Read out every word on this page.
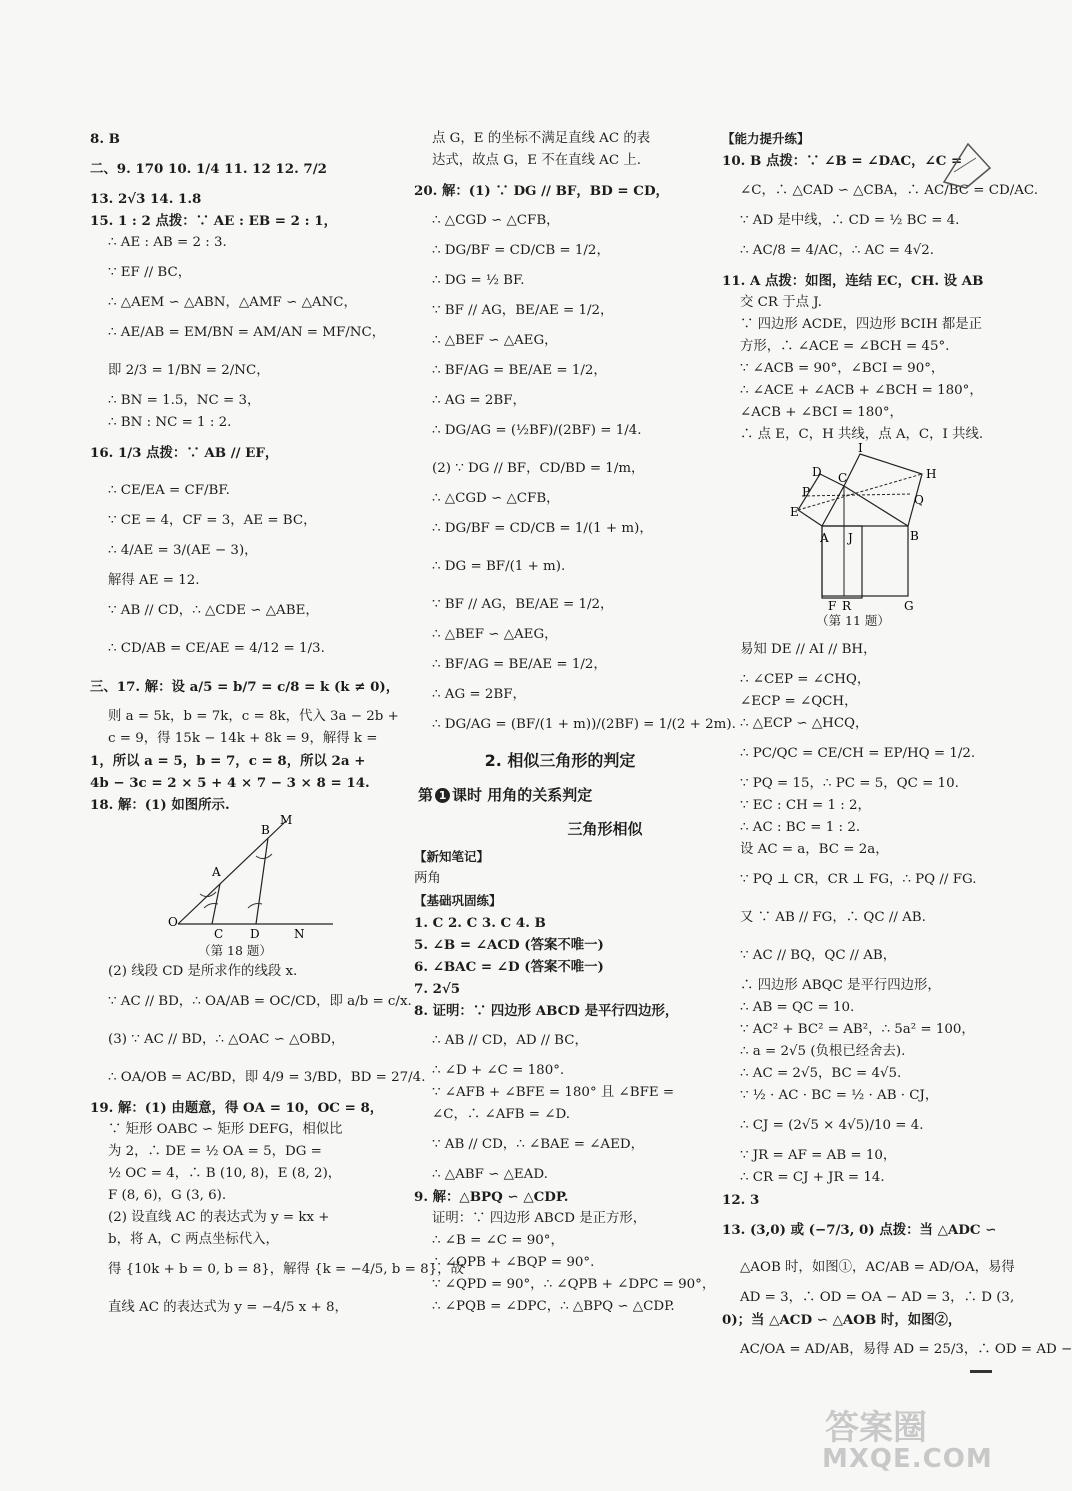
8. B
二、9. 170 10. 1/4 11. 12 12. 7/2
13. 2√3 14. 1.8
15. 1 : 2 点拨：∵ AE : EB = 2 : 1，
∴ AE : AB = 2 : 3.
∵ EF // BC，
∴ △AEM ∽ △ABN，△AMF ∽ △ANC，
∴ AE/AB = EM/BN = AM/AN = MF/NC，
即 2/3 = 1/BN = 2/NC，
∴ BN = 1.5，NC = 3，
∴ BN : NC = 1 : 2.
16. 1/3 点拨：∵ AB // EF，
∴ CE/EA = CF/BF.
∵ CE = 4，CF = 3，AE = BC，
∴ 4/AE = 3/(AE − 3)，
解得 AE = 12.
∵ AB // CD，∴ △CDE ∽ △ABE，
∴ CD/AB = CE/AE = 4/12 = 1/3.
三、17. 解：设 a/5 = b/7 = c/8 = k (k ≠ 0)，
则 a = 5k，b = 7k，c = 8k，代入 3a − 2b +
c = 9，得 15k − 14k + 8k = 9，解得 k =
1，所以 a = 5，b = 7，c = 8，所以 2a +
4b − 3c = 2 × 5 + 4 × 7 − 3 × 8 = 14.
18. 解：(1) 如图所示.
O
A
B
M
C D	N
（第 18 题）
(2) 线段 CD 是所求作的线段 x.
∵ AC // BD，∴ OA/AB = OC/CD，即 a/b = c/x.
(3) ∵ AC // BD，∴ △OAC ∽ △OBD，
∴ OA/OB = AC/BD，即 4/9 = 3/BD，BD = 27/4.
19. 解：(1) 由题意，得 OA = 10，OC = 8，
∵ 矩形 OABC ∽ 矩形 DEFG，相似比
为 2，∴ DE = ½ OA = 5，DG =
½ OC = 4，∴ B (10, 8)，E (8, 2)，
F (8, 6)，G (3, 6).
(2) 设直线 AC 的表达式为 y = kx +
b，将 A，C 两点坐标代入，
得 {10k + b = 0, b = 8}，解得 {k = −4/5, b = 8}，故
直线 AC 的表达式为 y = −4/5 x + 8，
点 G，E 的坐标不满足直线 AC 的表
达式，故点 G，E 不在直线 AC 上.
20. 解：(1) ∵ DG // BF，BD = CD，
∴ △CGD ∽ △CFB，
∴ DG/BF = CD/CB = 1/2，
∴ DG = ½ BF.
∵ BF // AG，BE/AE = 1/2，
∴ △BEF ∽ △AEG，
∴ BF/AG = BE/AE = 1/2，
∴ AG = 2BF，
∴ DG/AG = (½BF)/(2BF) = 1/4.
(2) ∵ DG // BF，CD/BD = 1/m，
∴ △CGD ∽ △CFB，
∴ DG/BF = CD/CB = 1/(1 + m)，
∴ DG = BF/(1 + m).
∵ BF // AG，BE/AE = 1/2，
∴ △BEF ∽ △AEG，
∴ BF/AG = BE/AE = 1/2，
∴ AG = 2BF，
∴ DG/AG = (BF/(1 + m))/(2BF) = 1/(2 + 2m).
2. 相似三角形的判定
第 1 课时 用角的关系判定
三角形相似
【新知笔记】
两角
【基础巩固练】
1. C 2. C 3. C 4. B
5. ∠B = ∠ACD (答案不唯一)
6. ∠BAC = ∠D (答案不唯一)
7. 2√5
8. 证明：∵ 四边形 ABCD 是平行四边形，
∴ AB // CD，AD // BC，
∴ ∠D + ∠C = 180°.
∵ ∠AFB + ∠BFE = 180° 且 ∠BFE =
∠C，∴ ∠AFB = ∠D.
∵ AB // CD，∴ ∠BAE = ∠AED，
∴ △ABF ∽ △EAD.
9. 解：△BPQ ∽ △CDP.
证明：∵ 四边形 ABCD 是正方形，
∴ ∠B = ∠C = 90°，
∴ ∠QPB + ∠BQP = 90°.
∵ ∠QPD = 90°，∴ ∠QPB + ∠DPC = 90°，
∴ ∠PQB = ∠DPC，∴ △BPQ ∽ △CDP.
【能力提升练】
10. B 点拨：∵ ∠B = ∠DAC，∠C =
∠C，∴ △CAD ∽ △CBA，∴ AC/BC = CD/AC.
∵ AD 是中线，∴ CD = ½ BC = 4.
∴ AC/8 = 4/AC，∴ AC = 4√2.
11. A 点拨：如图，连结 EC，CH. 设 AB
交 CR 于点 J.
∵ 四边形 ACDE，四边形 BCIH 都是正
方形，∴ ∠ACE = ∠BCH = 45°.
∵ ∠ACB = 90°，∠BCI = 90°，
∴ ∠ACE + ∠ACB + ∠BCH = 180°，
∠ACB + ∠BCI = 180°，
∴ 点 E，C，H 共线，点 A，C，I 共线.
I
H
D C
Q
P
E
A J	B
F R	G
（第 11 题）
易知 DE // AI // BH，
∴ ∠CEP = ∠CHQ，
∠ECP = ∠QCH，
∴ △ECP ∽ △HCQ，
∴ PC/QC = CE/CH = EP/HQ = 1/2.
∵ PQ = 15，∴ PC = 5，QC = 10.
∵ EC : CH = 1 : 2，
∴ AC : BC = 1 : 2.
设 AC = a，BC = 2a，
∵ PQ ⊥ CR，CR ⊥ FG，∴ PQ // FG.
又 ∵ AB // FG，∴ QC // AB.
∵ AC // BQ，QC // AB，
∴ 四边形 ABQC 是平行四边形，
∴ AB = QC = 10.
∵ AC² + BC² = AB²，∴ 5a² = 100，
∴ a = 2√5 (负根已经舍去).
∴ AC = 2√5，BC = 4√5.
∵ ½ · AC · BC = ½ · AB · CJ，
∴ CJ = (2√5 × 4√5)/10 = 4.
∵ JR = AF = AB = 10，
∴ CR = CJ + JR = 14.
12. 3
13. (3,0) 或 (−7/3, 0) 点拨：当 △ADC ∽
△AOB 时，如图①，AC/AB = AD/OA，易得
AD = 3，∴ OD = OA − AD = 3，∴ D (3,
0)；当 △ACD ∽ △AOB 时，如图②，
AC/OA = AD/AB，易得 AD = 25/3，∴ OD = AD −
答案圈
MXQE.COM
